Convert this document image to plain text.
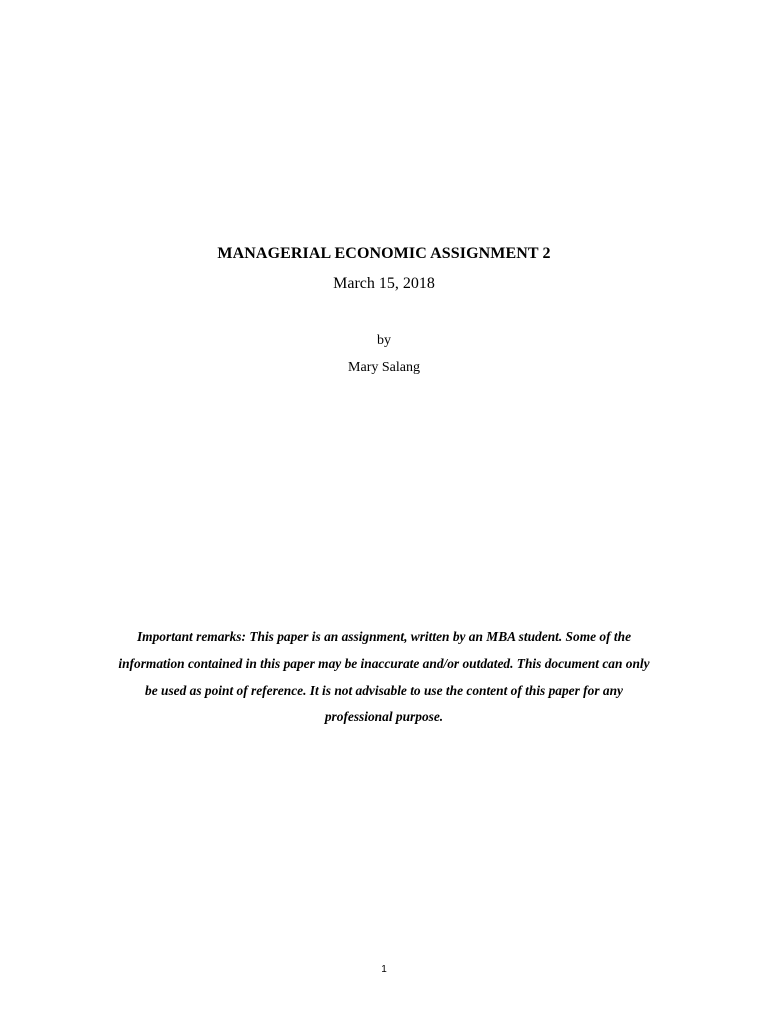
MANAGERIAL ECONOMIC ASSIGNMENT 2
March 15, 2018
by
Mary Salang
Important remarks: This paper is an assignment, written by an MBA student. Some of the information contained in this paper may be inaccurate and/or outdated. This document can only be used as point of reference. It is not advisable to use the content of this paper for any professional purpose.
1
